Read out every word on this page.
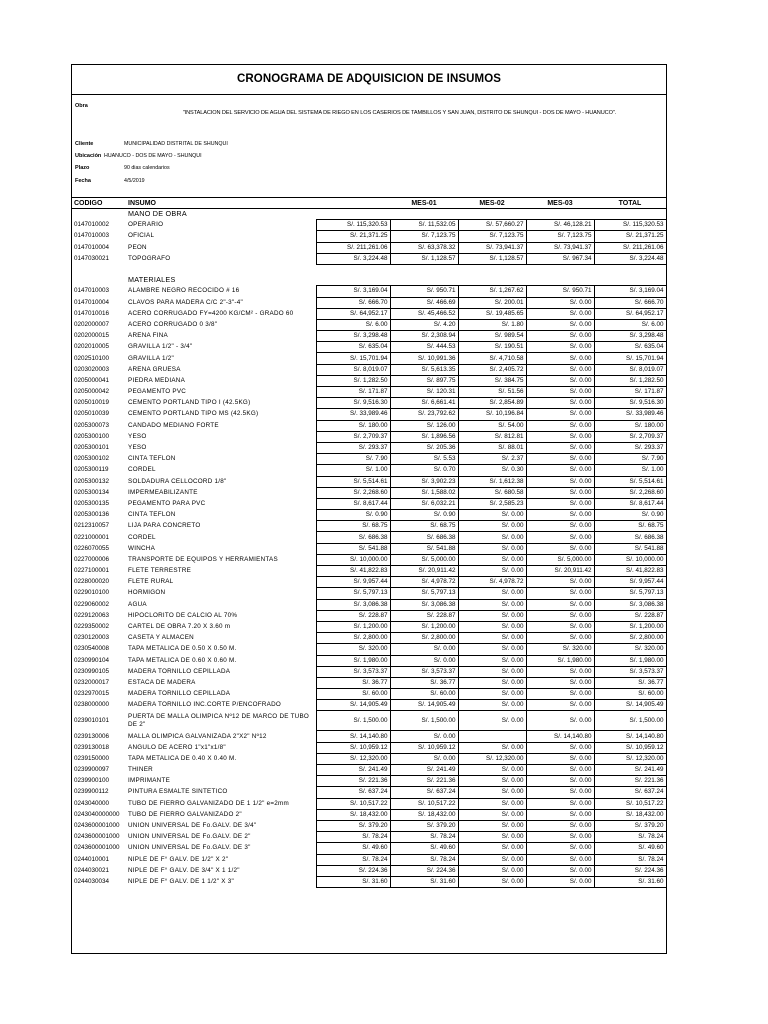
CRONOGRAMA DE ADQUISICION DE INSUMOS
Obra
"INSTALACION DEL SERVICIO DE AGUA DEL SISTEMA DE RIEGO EN LOS CASERIOS DE TAMBILLOS Y SAN JUAN, DISTRITO DE SHUNQUI - DOS DE MAYO - HUANUCO".
Cliente	MUNICIPALIDAD DISTRITAL DE SHUNQUI
Ubicación HUANUCO - DOS DE MAYO - SHUNQUI
Plazo	90 dias calendarios
Fecha	4/5/2019
CODIGO	INSUMO		MES-01	MES-02	MES-03	TOTAL
	MANO DE OBRA					
0147010002	OPERARIO	S/. 115,320.53	S/. 11,532.05	S/. 57,660.27	S/. 46,128.21	S/. 115,320.53
0147010003	OFICIAL	S/. 21,371.25	S/. 7,123.75	S/. 7,123.75	S/. 7,123.75	S/. 21,371.25
0147010004	PEON	S/. 211,261.06	S/. 63,378.32	S/. 73,941.37	S/. 73,941.37	S/. 211,261.06
0147030021	TOPOGRAFO	S/. 3,224.48	S/. 1,128.57	S/. 1,128.57	S/. 967.34	S/. 3,224.48

	MATERIALES					
0147010003	ALAMBRE NEGRO RECOCIDO # 16	S/. 3,169.04	S/. 950.71	S/. 1,267.62	S/. 950.71	S/. 3,169.04
0147010004	CLAVOS PARA MADERA C/C 2"-3"-4"	S/. 666.70	S/. 466.69	S/. 200.01	S/. 0.00	S/. 666.70
0147010016	ACERO CORRUGADO FY=4200 KG/CM² - GRADO 60	S/. 64,952.17	S/. 45,466.52	S/. 19,485.65	S/. 0.00	S/. 64,952.17
0202000007	ACERO CORRUGADO 0 3/8"	S/. 6.00	S/. 4.20	S/. 1.80	S/. 0.00	S/. 6.00
0202000015	ARENA FINA	S/. 3,298.48	S/. 2,308.94	S/. 989.54	S/. 0.00	S/. 3,298.48
0202010005	GRAVILLA 1/2" - 3/4"	S/. 635.04	S/. 444.53	S/. 190.51	S/. 0.00	S/. 635.04
0202510100	GRAVILLA 1/2"	S/. 15,701.94	S/. 10,991.36	S/. 4,710.58	S/. 0.00	S/. 15,701.94
0203020003	ARENA GRUESA	S/. 8,019.07	S/. 5,613.35	S/. 2,405.72	S/. 0.00	S/. 8,019.07
0205000041	PIEDRA MEDIANA	S/. 1,282.50	S/. 897.75	S/. 384.75	S/. 0.00	S/. 1,282.50
0205000042	PEGAMENTO PVC	S/. 171.87	S/. 120.31	S/. 51.56	S/. 0.00	S/. 171.87
0205010019	CEMENTO PORTLAND TIPO I (42.5KG)	S/. 9,516.30	S/. 6,661.41	S/. 2,854.89	S/. 0.00	S/. 9,516.30
0205010039	CEMENTO PORTLAND TIPO MS (42.5KG)	S/. 33,989.46	S/. 23,792.62	S/. 10,196.84	S/. 0.00	S/. 33,989.46
0205300073	CANDADO MEDIANO FORTE	S/. 180.00	S/. 126.00	S/. 54.00	S/. 0.00	S/. 180.00
0205300100	YESO	S/. 2,709.37	S/. 1,896.56	S/. 812.81	S/. 0.00	S/. 2,709.37
0205300101	YESO	S/. 293.37	S/. 205.36	S/. 88.01	S/. 0.00	S/. 293.37
0205300102	CINTA TEFLON	S/. 7.90	S/. 5.53	S/. 2.37	S/. 0.00	S/. 7.90
0205300119	CORDEL	S/. 1.00	S/. 0.70	S/. 0.30	S/. 0.00	S/. 1.00
0205300132	SOLDADURA CELLOCORD 1/8"	S/. 5,514.61	S/. 3,902.23	S/. 1,612.38	S/. 0.00	S/. 5,514.61
0205300134	IMPERMEABILIZANTE	S/. 2,268.60	S/. 1,588.02	S/. 680.58	S/. 0.00	S/. 2,268.60
0205300135	PEGAMENTO PARA PVC	S/. 8,617.44	S/. 6,032.21	S/. 2,585.23	S/. 0.00	S/. 8,617.44
0205300136	CINTA TEFLON	S/. 0.90	S/. 0.90	S/. 0.00	S/. 0.00	S/. 0.90
0212310057	LIJA PARA CONCRETO	S/. 68.75	S/. 68.75	S/. 0.00	S/. 0.00	S/. 68.75
0221000001	CORDEL	S/. 686.38	S/. 686.38	S/. 0.00	S/. 0.00	S/. 686.38
0226070055	WINCHA	S/. 541.88	S/. 541.88	S/. 0.00	S/. 0.00	S/. 541.88
0227000006	TRANSPORTE DE EQUIPOS Y HERRAMIENTAS	S/. 10,000.00	S/. 5,000.00	S/. 0.00	S/. 5,000.00	S/. 10,000.00
0227100001	FLETE TERRESTRE	S/. 41,822.83	S/. 20,911.42	S/. 0.00	S/. 20,911.42	S/. 41,822.83
0228000020	FLETE RURAL	S/. 9,957.44	S/. 4,978.72	S/. 4,978.72	S/. 0.00	S/. 9,957.44
0229010100	HORMIGON	S/. 5,797.13	S/. 5,797.13	S/. 0.00	S/. 0.00	S/. 5,797.13
0229060002	AGUA	S/. 3,086.38	S/. 3,086.38	S/. 0.00	S/. 0.00	S/. 3,086.38
0229120063	HIPOCLORITO DE CALCIO AL 70%	S/. 228.87	S/. 228.87	S/. 0.00	S/. 0.00	S/. 228.87
0229350002	CARTEL DE OBRA 7.20 X 3.60 m	S/. 1,200.00	S/. 1,200.00	S/. 0.00	S/. 0.00	S/. 1,200.00
0230120003	CASETA Y ALMACEN	S/. 2,800.00	S/. 2,800.00	S/. 0.00	S/. 0.00	S/. 2,800.00
0230540008	TAPA METALICA DE 0.50 X 0.50 M.	S/. 320.00	S/. 0.00	S/. 0.00	S/. 320.00	S/. 320.00
0230990104	TAPA METALICA DE 0.60 X 0.60 M.	S/. 1,980.00	S/. 0.00	S/. 0.00	S/. 1,980.00	S/. 1,980.00
0230990105	MADERA TORNILLO CEPILLADA	S/. 3,573.37	S/. 3,573.37	S/. 0.00	S/. 0.00	S/. 3,573.37
0232000017	ESTACA DE MADERA	S/. 36.77	S/. 36.77	S/. 0.00	S/. 0.00	S/. 36.77
0232970015	MADERA TORNILLO CEPILLADA	S/. 60.00	S/. 60.00	S/. 0.00	S/. 0.00	S/. 60.00
0238000000	MADERA TORNILLO INC.CORTE P/ENCOFRADO	S/. 14,905.49	S/. 14,905.49	S/. 0.00	S/. 0.00	S/. 14,905.49
0239010101	PUERTA DE MALLA OLIMPICA Nº12 DE MARCO DE TUBO DE 2"	S/. 1,500.00	S/. 1,500.00	S/. 0.00	S/. 0.00	S/. 1,500.00
0239130006	MALLA OLIMPICA GALVANIZADA 2"X2" Nº12	S/. 14,140.80	S/. 0.00		S/. 14,140.80	S/. 14,140.80
0239130018	ANGULO DE ACERO 1"x1"x1/8"	S/. 10,959.12	S/. 10,959.12	S/. 0.00	S/. 0.00	S/. 10,959.12
0239150000	TAPA METALICA DE 0.40 X 0.40 M.	S/. 12,320.00	S/. 0.00	S/. 12,320.00	S/. 0.00	S/. 12,320.00
0239900097	THINER	S/. 241.49	S/. 241.49	S/. 0.00	S/. 0.00	S/. 241.49
0239900100	IMPRIMANTE	S/. 221.36	S/. 221.36	S/. 0.00	S/. 0.00	S/. 221.36
0239900112	PINTURA ESMALTE SINTETICO	S/. 637.24	S/. 637.24	S/. 0.00	S/. 0.00	S/. 637.24
0243040000	TUBO DE FIERRO GALVANIZADO DE 1 1/2" e=2mm	S/. 10,517.22	S/. 10,517.22	S/. 0.00	S/. 0.00	S/. 10,517.22
0243040000000	TUBO DE FIERRO GALVANIZADO 2"	S/. 18,432.00	S/. 18,432.00	S/. 0.00	S/. 0.00	S/. 18,432.00
0243600001000	UNION UNIVERSAL DE Fo.GALV. DE 3/4"	S/. 379.20	S/. 379.20	S/. 0.00	S/. 0.00	S/. 379.20
0243600001000	UNION UNIVERSAL DE Fo.GALV. DE 2"	S/. 78.24	S/. 78.24	S/. 0.00	S/. 0.00	S/. 78.24
0243600001000	UNION UNIVERSAL DE Fo.GALV. DE 3"	S/. 49.60	S/. 49.60	S/. 0.00	S/. 0.00	S/. 49.60
0244010001	NIPLE DE F° GALV. DE 1/2" X 2"	S/. 78.24	S/. 78.24	S/. 0.00	S/. 0.00	S/. 78.24
0244030021	NIPLE DE F° GALV. DE 3/4" X 1 1/2"	S/. 224.36	S/. 224.36	S/. 0.00	S/. 0.00	S/. 224.36
0244030034	NIPLE DE F° GALV. DE 1 1/2" X 3"	S/. 31.60	S/. 31.60	S/. 0.00	S/. 0.00	S/. 31.60
